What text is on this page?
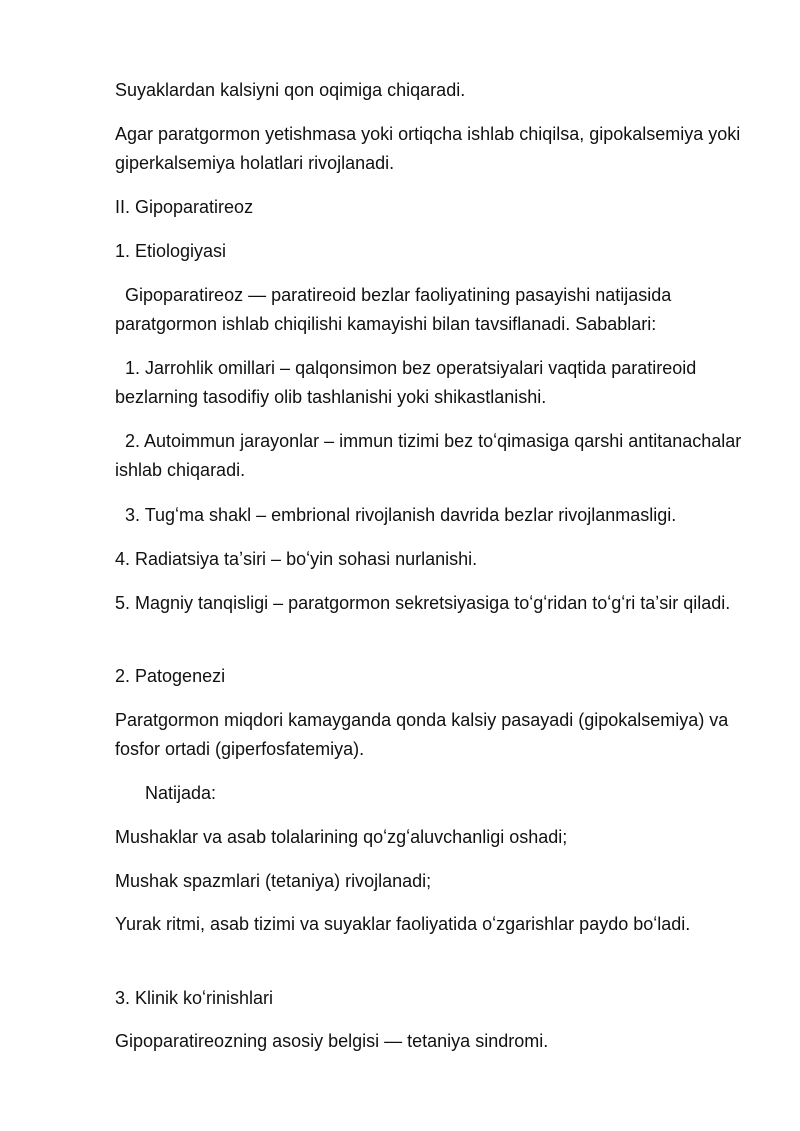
Suyaklardan kalsiyni qon oqimiga chiqaradi.

Agar paratgormon yetishmasa yoki ortiqcha ishlab chiqilsa, gipokalsemiya yoki giperkalsemiya holatlari rivojlanadi.

II. Gipoparatireoz

1. Etiologiyasi

Gipoparatireoz — paratireoid bezlar faoliyatining pasayishi natijasida paratgormon ishlab chiqilishi kamayishi bilan tavsiflanadi. Sabablari:

1. Jarrohlik omillari – qalqonsimon bez operatsiyalari vaqtida paratireoid bezlarning tasodifiy olib tashlanishi yoki shikastlanishi.

2. Autoimmun jarayonlar – immun tizimi bez toʻqimasiga qarshi antitanachalar ishlab chiqaradi.

3. Tugʻma shakl – embrional rivojlanish davrida bezlar rivojlanmasligi.

4. Radiatsiya taʼsiri – boʻyin sohasi nurlanishi.

5. Magniy tanqisligi – paratgormon sekretsiyasiga toʻgʻridan toʻgʻri taʼsir qiladi.

2. Patogenezi

Paratgormon miqdori kamayganda qonda kalsiy pasayadi (gipokalsemiya) va fosfor ortadi (giperfosfatemiya).

Natijada:

Mushaklar va asab tolalarining qoʻzgʻaluvchanligi oshadi;

Mushak spazmlari (tetaniya) rivojlanadi;

Yurak ritmi, asab tizimi va suyaklar faoliyatida oʻzgarishlar paydo boʻladi.

3. Klinik koʻrinishlari

Gipoparatireozning asosiy belgisi — tetaniya sindromi.
